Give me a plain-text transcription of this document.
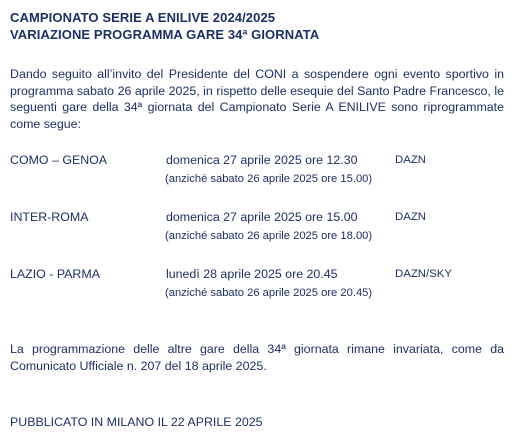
CAMPIONATO SERIE A ENILIVE 2024/2025
VARIAZIONE PROGRAMMA GARE 34ª GIORNATA
Dando seguito all’invito del Presidente del CONI a sospendere ogni evento sportivo in programma sabato 26 aprile 2025, in rispetto delle esequie del Santo Padre Francesco, le seguenti gare della 34ª giornata del Campionato Serie A ENILIVE sono riprogrammate come segue:
COMO – GENOA	domenica 27 aprile 2025 ore 12.30	DAZN
(anziché sabato 26 aprile 2025 ore 15.00)
INTER-ROMA	domenica 27 aprile 2025 ore 15.00	DAZN
(anziché sabato 26 aprile 2025 ore 18.00)
LAZIO - PARMA	lunedì 28 aprile 2025 ore 20.45	DAZN/SKY
(anziché sabato 26 aprile 2025 ore 20.45)
La programmazione delle altre gare della 34ª giornata rimane invariata, come da Comunicato Ufficiale n. 207 del 18 aprile 2025.
PUBBLICATO IN MILANO IL 22 APRILE 2025
